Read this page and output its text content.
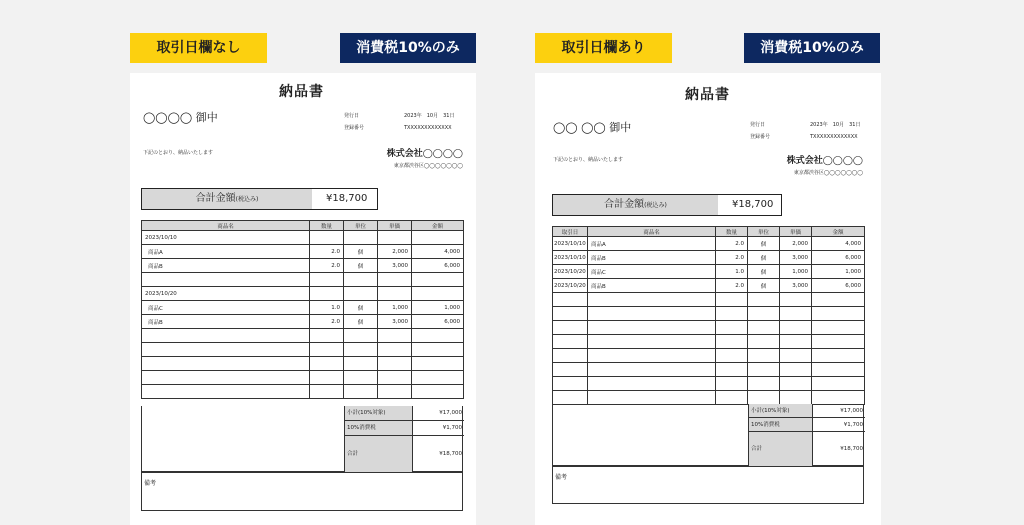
取引日欄なし	消費税10%のみ
納品書
◯◯◯◯ 御中	発行日	2023年　10月　31日
登録番号	TXXXXXXXXXXXXX
下記のとおり、納品いたします	株式会社◯◯◯◯
東京都渋谷区◯◯◯◯◯◯◯
合計金額(税込み)	¥18,700
商品名	数量	単位	単価	金額
2023/10/10				
商品A	2.0	個	2,000	4,000
商品B	2.0	個	3,000	6,000

2023/10/20				
商品C	1.0	個	1,000	1,000
商品B	2.0	個	3,000	6,000

小計(10%対象)	¥17,000
10%消費税	¥1,700
合計	¥18,700
備考
取引日欄あり	消費税10%のみ
納品書
◯◯ ◯◯ 御中	発行日	2023年　10月　31日
登録番号	TXXXXXXXXXXXXX
下記のとおり、納品いたします	株式会社◯◯◯◯
東京都渋谷区◯◯◯◯◯◯◯
合計金額(税込み)	¥18,700
取引日	商品名	数量	単位	単価	金額
2023/10/10	商品A	2.0	個	2,000	4,000
2023/10/10	商品B	2.0	個	3,000	6,000
2023/10/20	商品C	1.0	個	1,000	1,000
2023/10/20	商品B	2.0	個	3,000	6,000

小計(10%対象)	¥17,000
10%消費税	¥1,700
合計	¥18,700
備考
